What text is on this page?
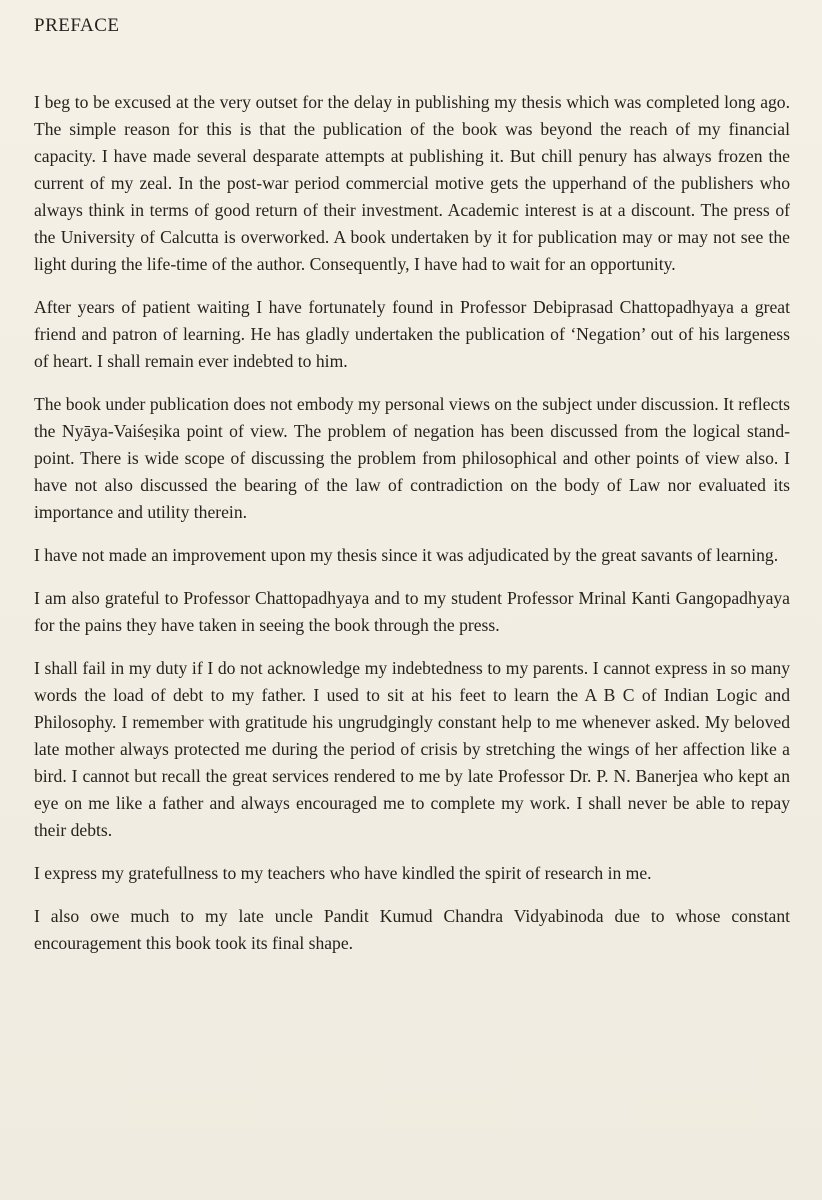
PREFACE

I beg to be excused at the very outset for the delay in publishing my thesis which was completed long ago. The simple reason for this is that the publication of the book was beyond the reach of my financial capacity. I have made several desparate attempts at publishing it. But chill penury has always frozen the current of my zeal. In the post-war period commercial motive gets the upperhand of the publishers who always think in terms of good return of their investment. Academic interest is at a discount. The press of the University of Calcutta is overworked. A book undertaken by it for publication may or may not see the light during the life-time of the author. Consequently, I have had to wait for an opportunity.

After years of patient waiting I have fortunately found in Professor Debiprasad Chattopadhyaya a great friend and patron of learning. He has gladly undertaken the publication of ‘Negation’ out of his largeness of heart. I shall remain ever indebted to him.

The book under publication does not embody my personal views on the subject under discussion. It reflects the Nyāya-Vaiśeṣika point of view. The problem of negation has been discussed from the logical stand-point. There is wide scope of discussing the problem from philosophical and other points of view also. I have not also discussed the bearing of the law of contradiction on the body of Law nor evaluated its importance and utility therein.

I have not made an improvement upon my thesis since it was adjudicated by the great savants of learning.

I am also grateful to Professor Chattopadhyaya and to my student Professor Mrinal Kanti Gangopadhyaya for the pains they have taken in seeing the book through the press.

I shall fail in my duty if I do not acknowledge my indebtedness to my parents. I cannot express in so many words the load of debt to my father. I used to sit at his feet to learn the A B C of Indian Logic and Philosophy. I remember with gratitude his ungrudgingly constant help to me whenever asked. My beloved late mother always protected me during the period of crisis by stretching the wings of her affection like a bird. I cannot but recall the great services rendered to me by late Professor Dr. P. N. Banerjea who kept an eye on me like a father and always encouraged me to complete my work. I shall never be able to repay their debts.

I express my gratefullness to my teachers who have kindled the spirit of research in me.

I also owe much to my late uncle Pandit Kumud Chandra Vidyabinoda due to whose constant encouragement this book took its final shape.
